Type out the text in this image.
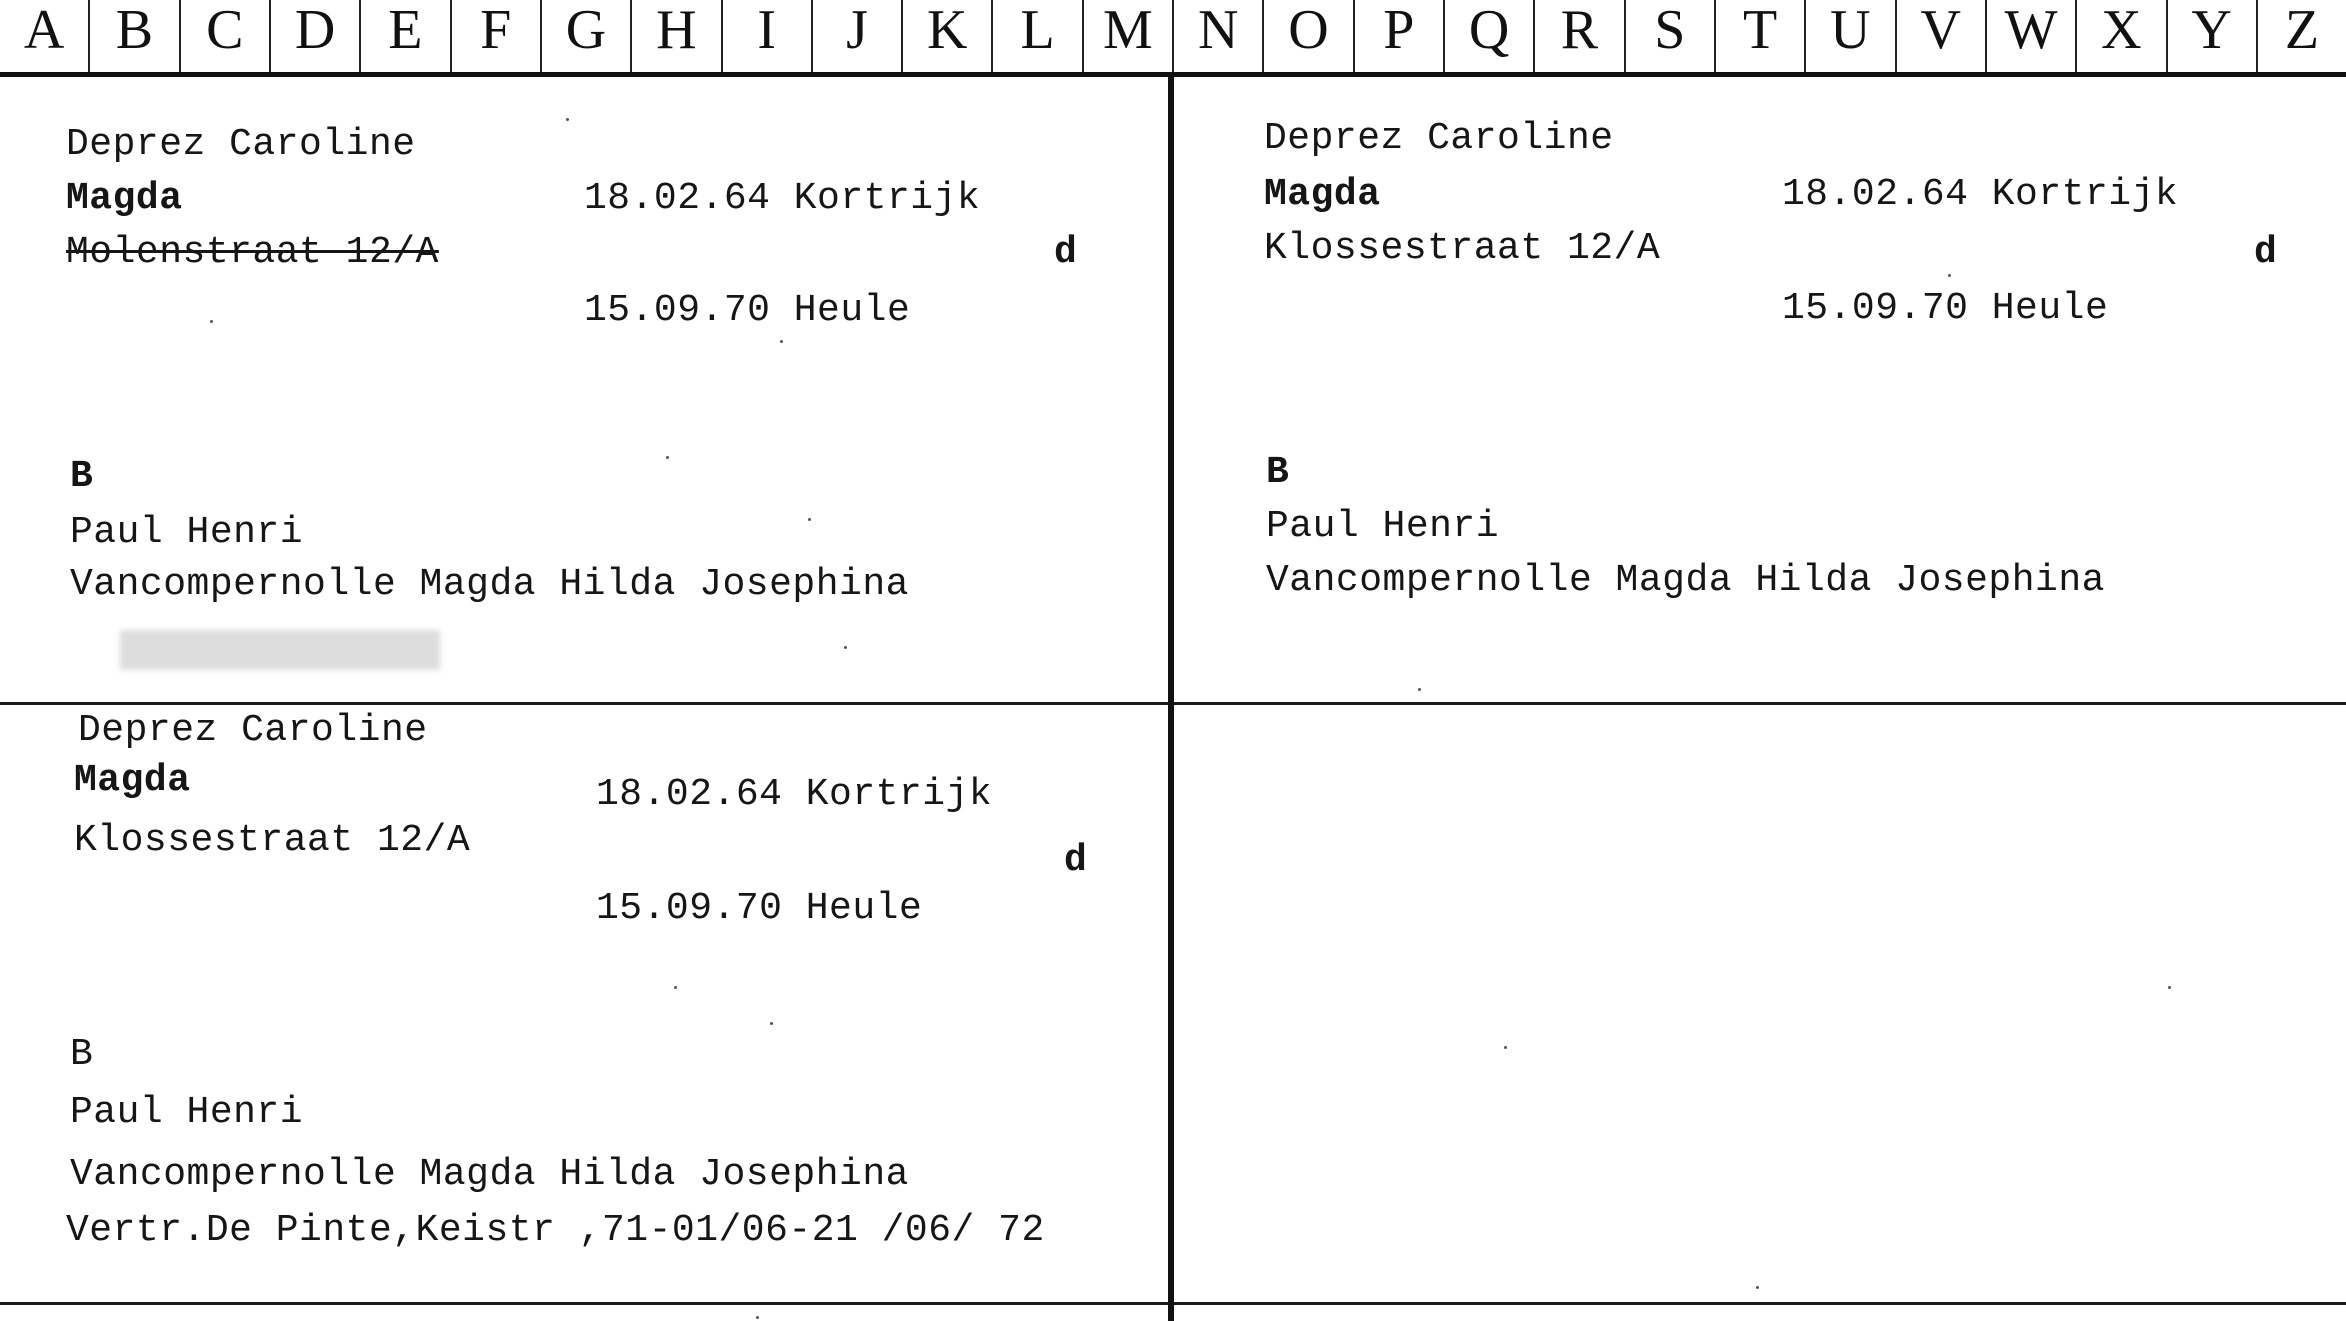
A B C D E	F G H	I	J	K L M N O P Q R	S	T U V W X Y Z
Deprez Caroline
Magda
Molenstraat 12/A
18.02.64 Kortrijk
d
15.09.70 Heule
B
Paul Henri
Vancompernolle Magda Hilda Josephina
Deprez Caroline
Magda
Klossestraat 12/A
18.02.64 Kortrijk
d
15.09.70 Heule
B
Paul Henri
Vancompernolle Magda Hilda Josephina
Deprez Caroline
Magda
Klossestraat 12/A
18.02.64 Kortrijk
d
15.09.70 Heule
B
Paul Henri
Vancompernolle Magda Hilda Josephina
Vertr.De Pinte,Keistr ,71-01/06-21 /06/ 72
